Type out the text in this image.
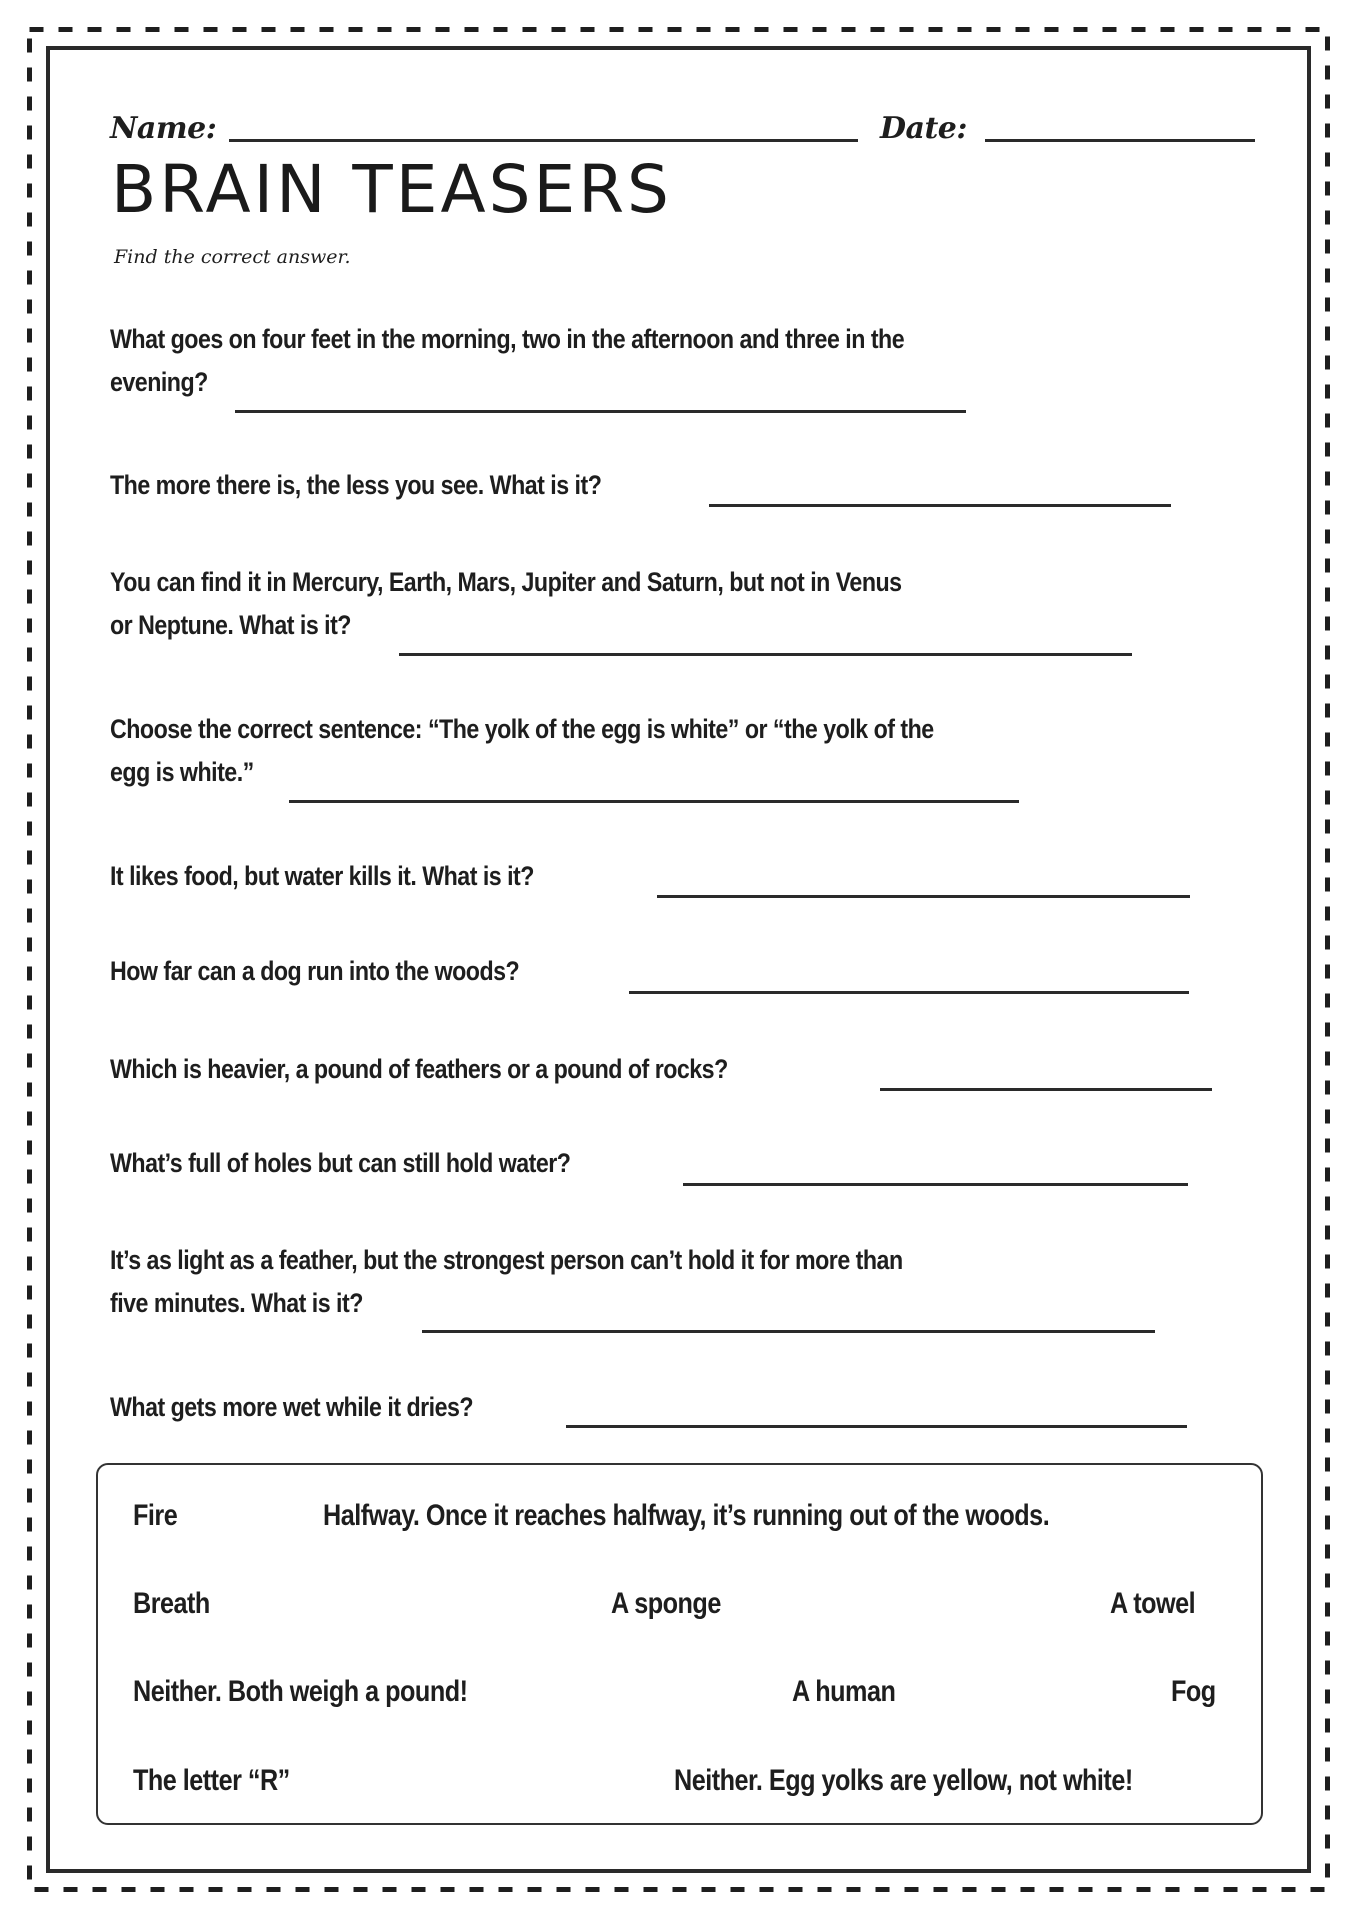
Name:	Date:
BRAIN TEASERS
Find the correct answer.
What goes on four feet in the morning, two in the afternoon and three in the
evening?
The more there is, the less you see. What is it?
You can find it in Mercury, Earth, Mars, Jupiter and Saturn, but not in Venus
or Neptune. What is it?
Choose the correct sentence: “The yolk of the egg is white” or “the yolk of the
egg is white.”
It likes food, but water kills it. What is it?
How far can a dog run into the woods?
Which is heavier, a pound of feathers or a pound of rocks?
What’s full of holes but can still hold water?
It’s as light as a feather, but the strongest person can’t hold it for more than
five minutes. What is it?
What gets more wet while it dries?
Fire	Halfway. Once it reaches halfway, it’s running out of the woods.
Breath	A sponge	A towel
Neither. Both weigh a pound!	A human	Fog
The letter “R”	Neither. Egg yolks are yellow, not white!
